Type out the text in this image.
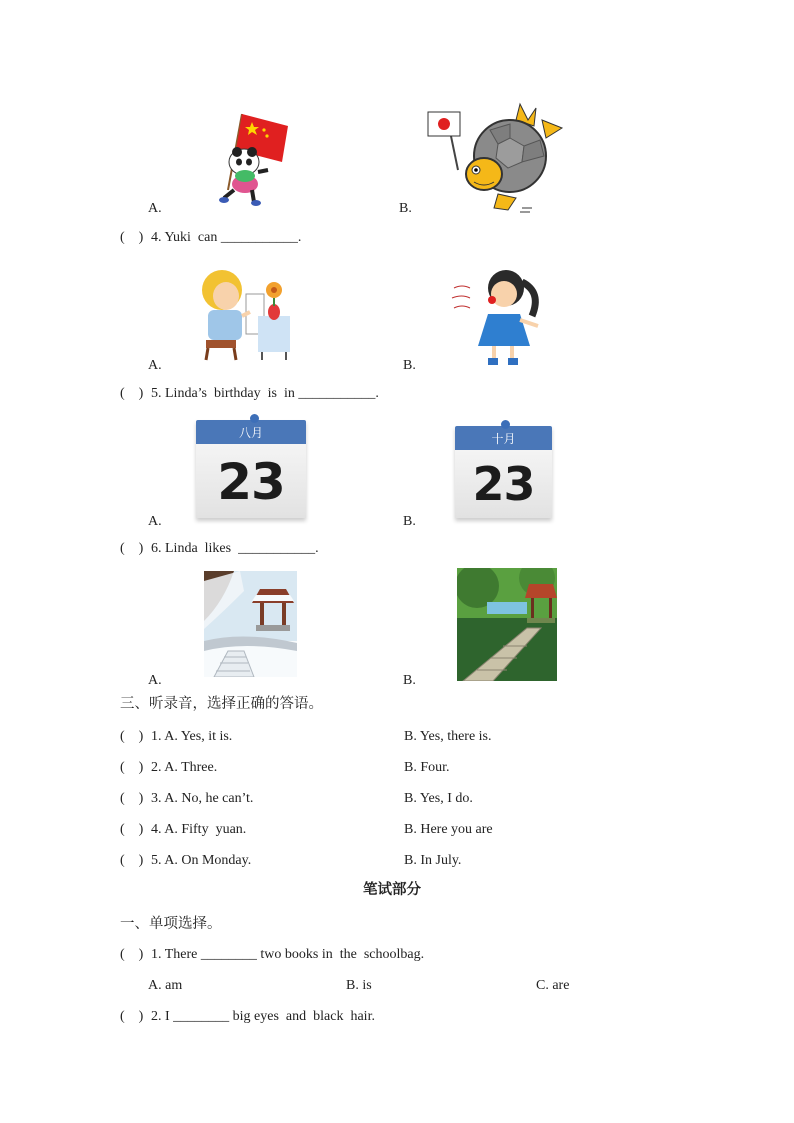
A.	B.
(    ) 4. Yuki  can ___________.
A.	B.
(    ) 5. Linda’s  birthday  is  in ___________.
八月
23
A.
十月
23
B.
(    ) 6. Linda  likes  ___________.
A.	B.
三、听录音，选择正确的答语。
(    ) 1. A. Yes, it is.	B. Yes, there is.
(    ) 2. A. Three.	B. Four.
(    ) 3. A. No, he can’t.	B. Yes, I do.
(    ) 4. A. Fifty  yuan.	B. Here you are
(    ) 5. A. On Monday.	B. In July.
笔试部分
一、单项选择。
(    ) 1. There ________ two books in  the  schoolbag.
A. am	B. is	C. are
(    ) 2. I ________ big eyes  and  black  hair.
